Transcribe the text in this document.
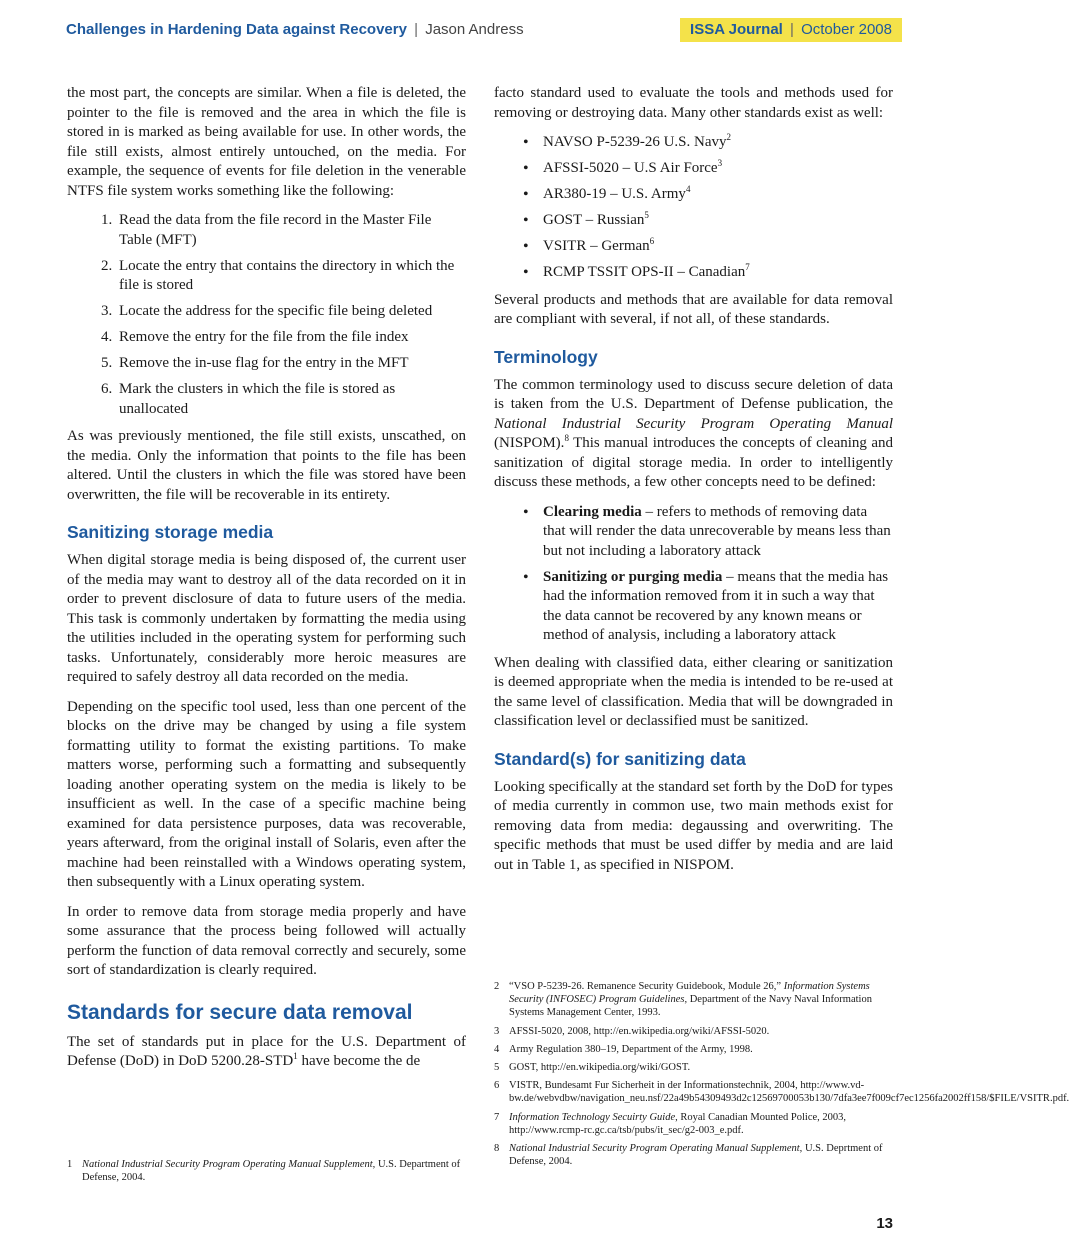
Challenges in Hardening Data against Recovery | Jason Andress	ISSA Journal | October 2008

the most part, the concepts are similar. When a file is deleted, the pointer to the file is removed and the area in which the file is stored in is marked as being available for use. In other words, the file still exists, almost entirely untouched, on the media. For example, the sequence of events for file deletion in the venerable NTFS file system works something like the following:

1. Read the data from the file record in the Master File Table (MFT)
2. Locate the entry that contains the directory in which the file is stored
3. Locate the address for the specific file being deleted
4. Remove the entry for the file from the file index
5. Remove the in-use flag for the entry in the MFT
6. Mark the clusters in which the file is stored as unallocated

As was previously mentioned, the file still exists, unscathed, on the media. Only the information that points to the file has been altered. Until the clusters in which the file was stored have been overwritten, the file will be recoverable in its entirety.

Sanitizing storage media

When digital storage media is being disposed of, the current user of the media may want to destroy all of the data recorded on it in order to prevent disclosure of data to future users of the media. This task is commonly undertaken by formatting the media using the utilities included in the operating system for performing such tasks. Unfortunately, considerably more heroic measures are required to safely destroy all data recorded on the media.

Depending on the specific tool used, less than one percent of the blocks on the drive may be changed by using a file system formatting utility to format the existing partitions. To make matters worse, performing such a formatting and subsequently loading another operating system on the media is likely to be insufficient as well. In the case of a specific machine being examined for data persistence purposes, data was recoverable, years afterward, from the original install of Solaris, even after the machine had been reinstalled with a Windows operating system, then subsequently with a Linux operating system.

In order to remove data from storage media properly and have some assurance that the process being followed will actually perform the function of data removal correctly and securely, some sort of standardization is clearly required.

Standards for secure data removal

The set of standards put in place for the U.S. Department of Defense (DoD) in DoD 5200.28-STD$^1$ have become the de

1 National Industrial Security Program Operating Manual Supplement, U.S. Department of Defense, 2004.

facto standard used to evaluate the tools and methods used for removing or destroying data. Many other standards exist as well:

• NAVSO P-5239-26 U.S. Navy$^2$
• AFSSI-5020 – U.S Air Force$^3$
• AR380-19 – U.S. Army$^4$
• GOST – Russian$^5$
• VSITR – German$^6$
• RCMP TSSIT OPS-II – Canadian$^7$

Several products and methods that are available for data removal are compliant with several, if not all, of these standards.

Terminology

The common terminology used to discuss secure deletion of data is taken from the U.S. Department of Defense publication, the National Industrial Security Program Operating Manual (NISPOM).$^8$ This manual introduces the concepts of cleaning and sanitization of digital storage media. In order to intelligently discuss these methods, a few other concepts need to be defined:

• Clearing media – refers to methods of removing data that will render the data unrecoverable by means less than but not including a laboratory attack
• Sanitizing or purging media – means that the media has had the information removed from it in such a way that the data cannot be recovered by any known means or method of analysis, including a laboratory attack

When dealing with classified data, either clearing or sanitization is deemed appropriate when the media is intended to be re-used at the same level of classification. Media that will be downgraded in classification level or declassified must be sanitized.

Standard(s) for sanitizing data

Looking specifically at the standard set forth by the DoD for types of media currently in common use, two main methods exist for removing data from media: degaussing and overwriting. The specific methods that must be used differ by media and are laid out in Table 1, as specified in NISPOM.

2 “VSO P-5239-26. Remanence Security Guidebook, Module 26,” Information Systems Security (INFOSEC) Program Guidelines, Department of the Navy Naval Information Systems Management Center, 1993.
3 AFSSI-5020, 2008, http://en.wikipedia.org/wiki/AFSSI-5020.
4 Army Regulation 380–19, Department of the Army, 1998.
5 GOST, http://en.wikipedia.org/wiki/GOST.
6 VISTR, Bundesamt Fur Sicherheit in der Informationstechnik, 2004, http://www.vd-bw.de/webvdbw/navigation_neu.nsf/22a49b54309493d2c12569700053b130/7dfa3ee7f009cf7ec1256fa2002ff158/$FILE/VSITR.pdf.
7 Information Technology Secuirty Guide, Royal Canadian Mounted Police, 2003, http://www.rcmp-rc.gc.ca/tsb/pubs/it_sec/g2-003_e.pdf.
8 National Industrial Security Program Operating Manual Supplement, U.S. Deprtment of Defense, 2004.
13
